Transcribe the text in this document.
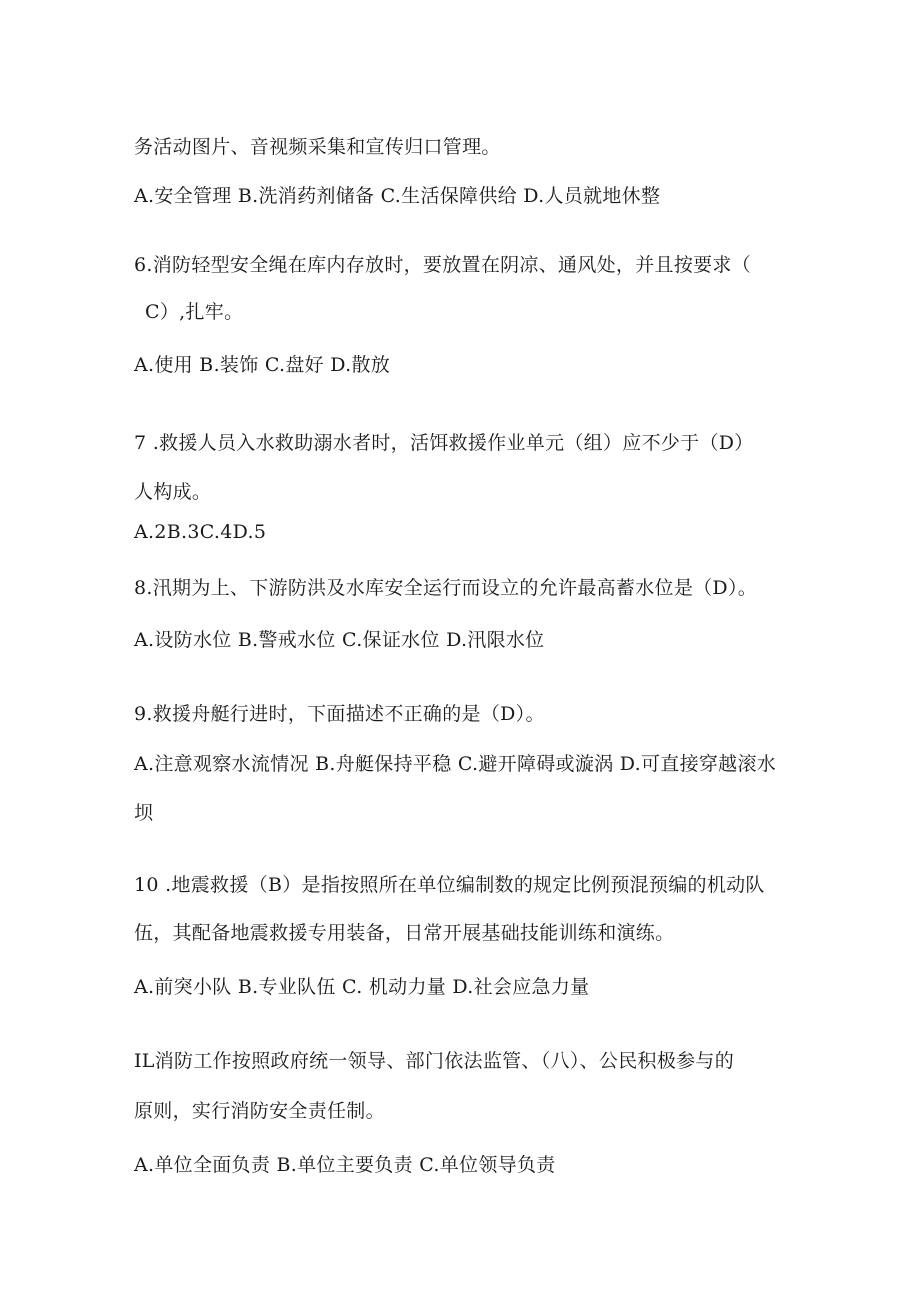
务活动图片、音视频采集和宣传归口管理。
A.安全管理 B.洗消药剂储备 C.生活保障供给 D.人员就地休整
6.消防轻型安全绳在库内存放时，要放置在阴凉、通风处，并且按要求（
C）,扎牢。
A.使用 B.装饰 C.盘好 D.散放
7 .救援人员入水救助溺水者时，活饵救援作业单元（组）应不少于（D）
人构成。
A.2B.3C.4D.5
8.汛期为上、下游防洪及水库安全运行而设立的允许最高蓄水位是（D）。
A.设防水位 B.警戒水位 C.保证水位 D.汛限水位
9.救援舟艇行进时，下面描述不正确的是（D）。
A.注意观察水流情况 B.舟艇保持平稳 C.避开障碍或漩涡 D.可直接穿越滚水
坝
10 .地震救援（B）是指按照所在单位编制数的规定比例预混预编的机动队
伍，其配备地震救援专用装备，日常开展基础技能训练和演练。
A.前突小队 B.专业队伍 C. 机动力量 D.社会应急力量
IL消防工作按照政府统一领导、部门依法监管、（八）、公民积极参与的
原则，实行消防安全责任制。
A.单位全面负责 B.单位主要负责 C.单位领导负责
